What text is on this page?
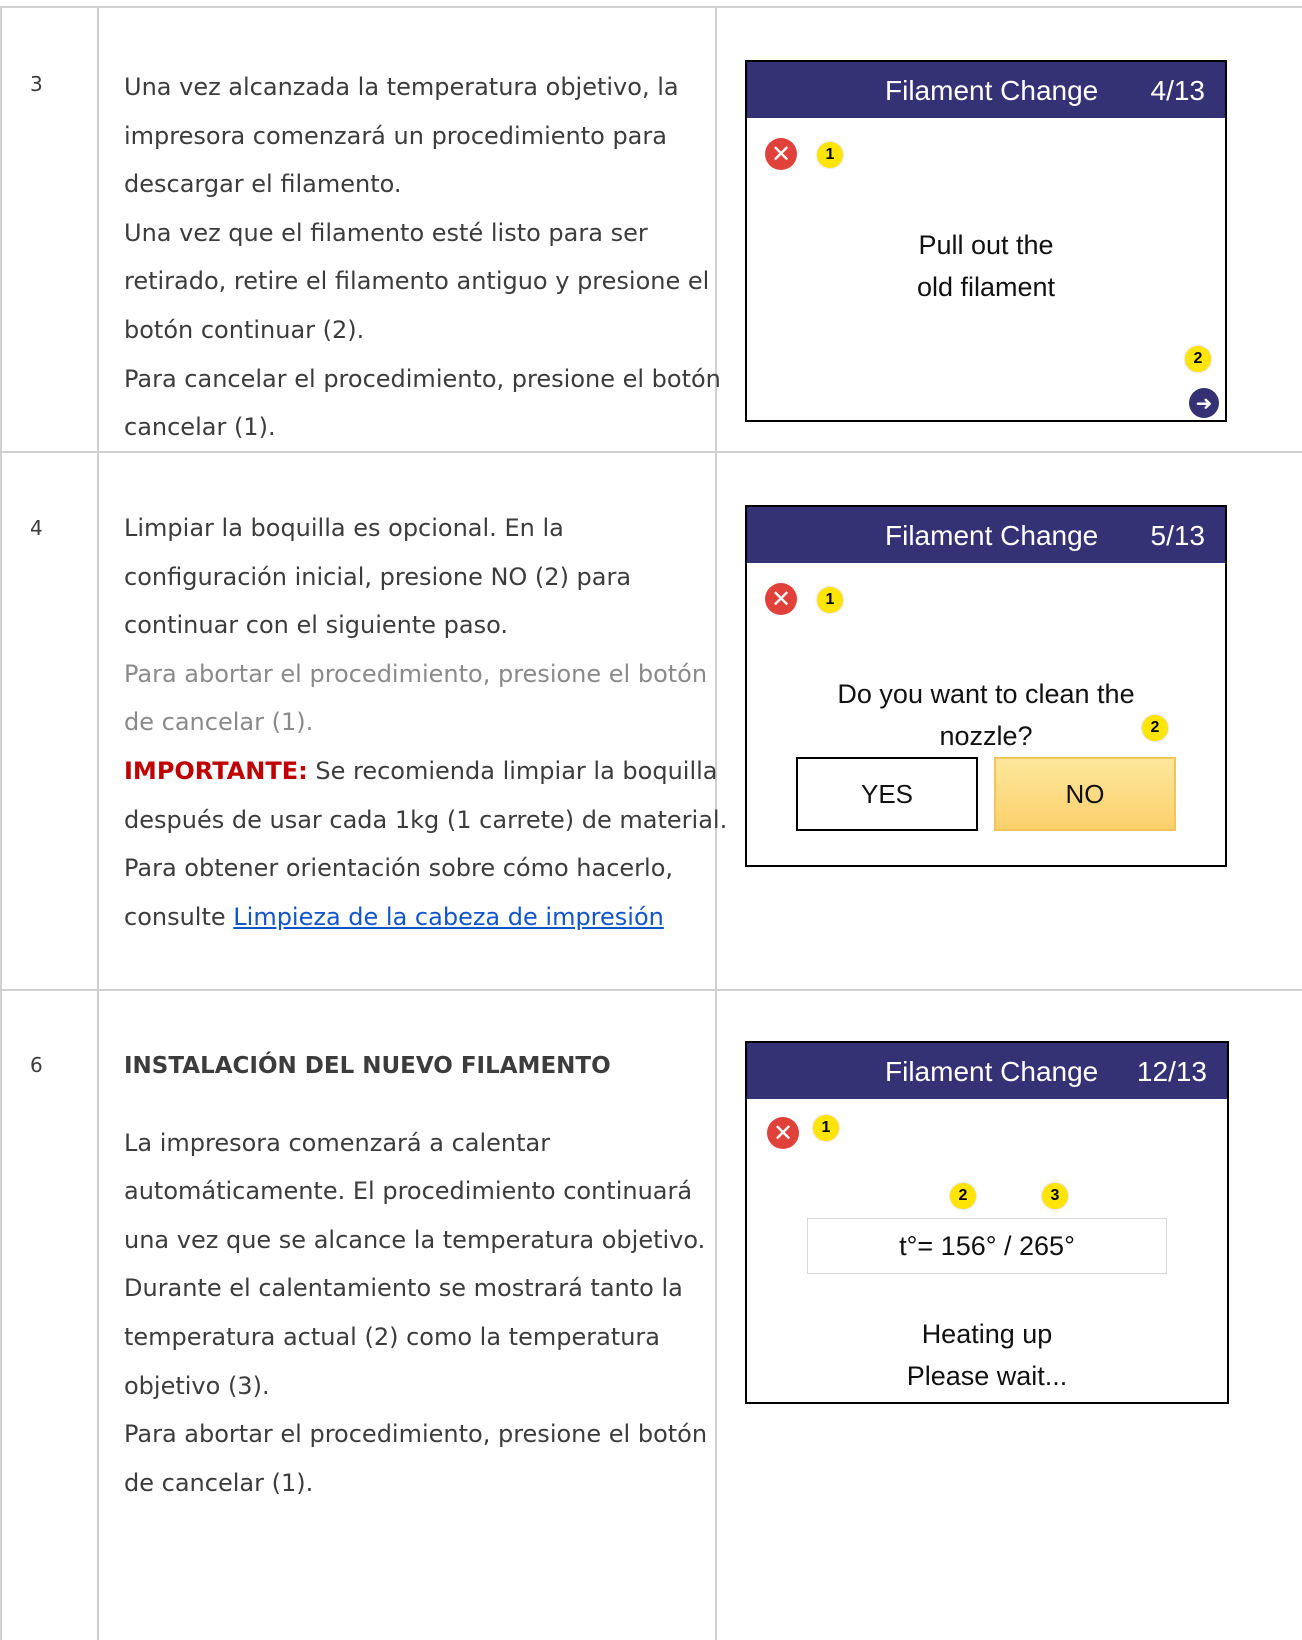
3	Una vez alcanzada la temperatura objetivo, la impresora comenzará un procedimiento para descargar el filamento.

Una vez que el filamento esté listo para ser retirado, retire el filamento antiguo y presione el botón continuar (2).

Para cancelar el procedimiento, presione el botón cancelar (1).

Filament Change 4/13
✕	1
Pull out the
old filament
2
➜
4	Limpiar la boquilla es opcional. En la configuración inicial, presione NO (2) para continuar con el siguiente paso.

Para abortar el procedimiento, presione el botón de cancelar (1).

IMPORTANTE: Se recomienda limpiar la boquilla después de usar cada 1kg (1 carrete) de material. Para obtener orientación sobre cómo hacerlo, consulte Limpieza de la cabeza de impresión

Filament Change 5/13
✕	1
Do you want to clean the
nozzle?	2
YES	NO
6	INSTALACIÓN DEL NUEVO FILAMENTO

La impresora comenzará a calentar automáticamente. El procedimiento continuará una vez que se alcance la temperatura objetivo.

Durante el calentamiento se mostrará tanto la temperatura actual (2) como la temperatura objetivo (3).

Para abortar el procedimiento, presione el botón de cancelar (1).

Filament Change 12/13
✕	1
2	3
t°= 156° / 265°
Heating up
Please wait...
